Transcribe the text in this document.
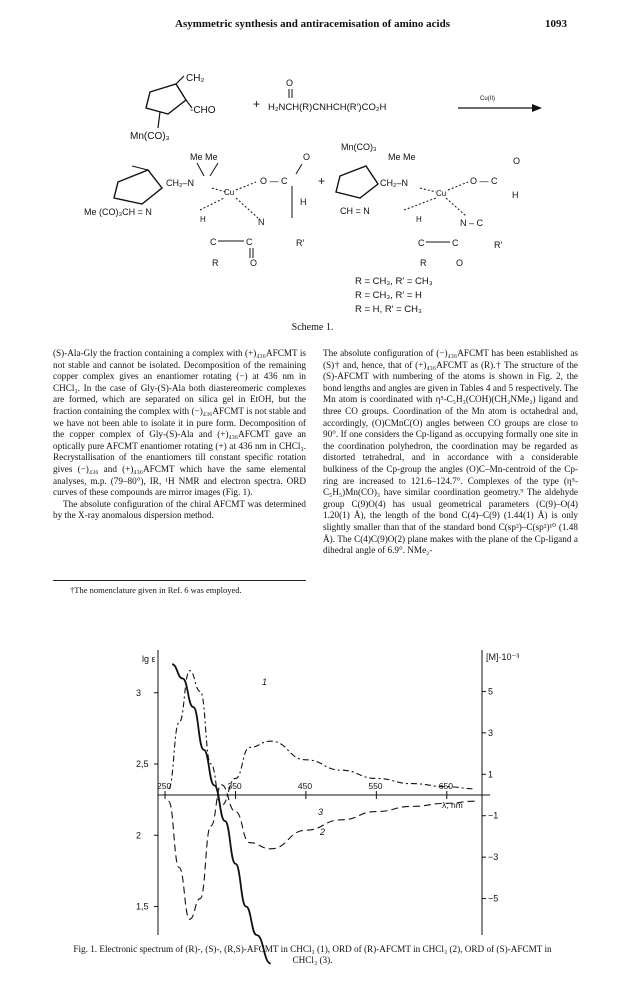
Asymmetric synthesis and antiracemisation of amino acids	1093
CH₂
-CHO
Mn(CO)₃
+
O
H₂NCH(R)CNHCH(R′)CO₂H
Cu(II)
Me Me
CH₂–N
Me (CO)₃CH = N
Cu
O — C
O
H
N
H
C	C	R′
R	O
+
Mn(CO)₃
Me Me
CH₂–N
CH = N
Cu
O — C
O
H
N – C
H
C	C	R′
R	O
R = CH₃, R′ = CH₃
R = CH₃, R′ = H
R = H, R′ = CH₃
Scheme 1.

(S)-Ala-Gly the fraction containing a complex with (+)₄₃₆AFCMT is not stable and cannot be isolated. Decomposition of the remaining copper complex gives an enantiomer rotating (−) at 436 nm in CHCl₃. In the case of Gly-(S)-Ala both diastereomeric complexes are formed, which are separated on silica gel in EtOH, but the fraction containing the complex with (−)₄₃₆AFCMT is not stable and we have not been able to isolate it in pure form. Decomposition of the copper complex of Gly-(S)-Ala and (+)₄₃₆AFCMT gave an optically pure AFCMT enantiomer rotating (+) at 436 nm in CHCl₃. Recrystallisation of the enantiomers till constant specific rotation gives (−)₄₃₆ and (+)₄₃₆AFCMT which have the same elemental analyses, m.p. (79–80°), IR, ¹H NMR and electron spectra. ORD curves of these compounds are mirror images (Fig. 1).

The absolute configuration of the chiral AFCMT was determined by the X-ray anomalous dispersion method.

†The nomenclature given in Ref. 6 was employed.

The absolute configuration of (−)₄₃₆AFCMT has been established as (S)† and, hence, that of (+)₄₃₆AFCMT as (R).† The structure of the (S)-AFCMT with numbering of the atoms is shown in Fig. 2, the bond lengths and angles are given in Tables 4 and 5 respectively. The Mn atom is coordinated with η⁵-C₅H₃(COH)(CH₂NMe₂) ligand and three CO groups. Coordination of the Mn atom is octahedral and, accordingly, (O)CMnC(O) angles between CO groups are close to 90°. If one considers the Cp-ligand as occupying formally one site in the coordination polyhedron, the coordination may be regarded as distorted tetrahedral, and in accordance with a considerable bulkiness of the Cp-group the angles (O)C–Mn-centroid of the Cp-ring are increased to 121.6–124.7°. Complexes of the type (η⁵-C₅H₅)Mn(CO)₃ have similar coordination geometry.⁹ The aldehyde group C(9)O(4) has usual geometrical parameters (C(9)–O(4) 1.20(1) Å), the length of the bond C(4)–C(9) (1.44(1) Å) is only slightly smaller than that of the standard bond C(sp²)–C(sp²)¹⁰ (1.48 Å). The C(4)C(9)O(2) plane makes with the plane of the Cp-ligand a dihedral angle of 6.9°. NMe₂-

lg ε	[M]·10⁻³
λ, nm
3
2,5
2
1,5
5
3
1
−1
−3
−5
250	350	450	550	650
1
2
3
Fig. 1. Electronic spectrum of (R)-, (S)-, (R,S)-AFCMT in CHCl₃ (1), ORD of (R)-AFCMT in CHCl₃ (2), ORD of (S)-AFCMT in CHCl₃ (3).
